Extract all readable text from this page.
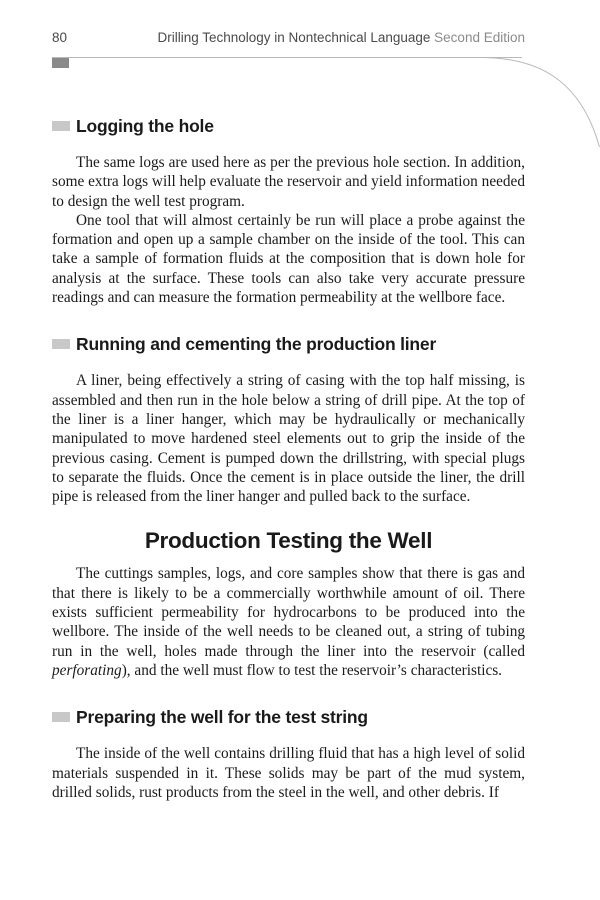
80	Drilling Technology in Nontechnical Language Second Edition
Logging the hole

The same logs are used here as per the previous hole section. In addition, some extra logs will help evaluate the reservoir and yield information needed to design the well test program.

One tool that will almost certainly be run will place a probe against the formation and open up a sample chamber on the inside of the tool. This can take a sample of formation fluids at the composition that is down hole for analysis at the surface. These tools can also take very accurate pressure readings and can measure the formation permeability at the wellbore face.

Running and cementing the production liner

A liner, being effectively a string of casing with the top half missing, is assembled and then run in the hole below a string of drill pipe. At the top of the liner is a liner hanger, which may be hydraulically or mechanically manipulated to move hardened steel elements out to grip the inside of the previous casing. Cement is pumped down the drillstring, with special plugs to separate the fluids. Once the cement is in place outside the liner, the drill pipe is released from the liner hanger and pulled back to the surface.

Production Testing the Well

The cuttings samples, logs, and core samples show that there is gas and that there is likely to be a commercially worthwhile amount of oil. There exists sufficient permeability for hydrocarbons to be produced into the wellbore. The inside of the well needs to be cleaned out, a string of tubing run in the well, holes made through the liner into the reservoir (called perforating), and the well must flow to test the reservoir’s characteristics.

Preparing the well for the test string

The inside of the well contains drilling fluid that has a high level of solid materials suspended in it. These solids may be part of the mud system, drilled solids, rust products from the steel in the well, and other debris. If
